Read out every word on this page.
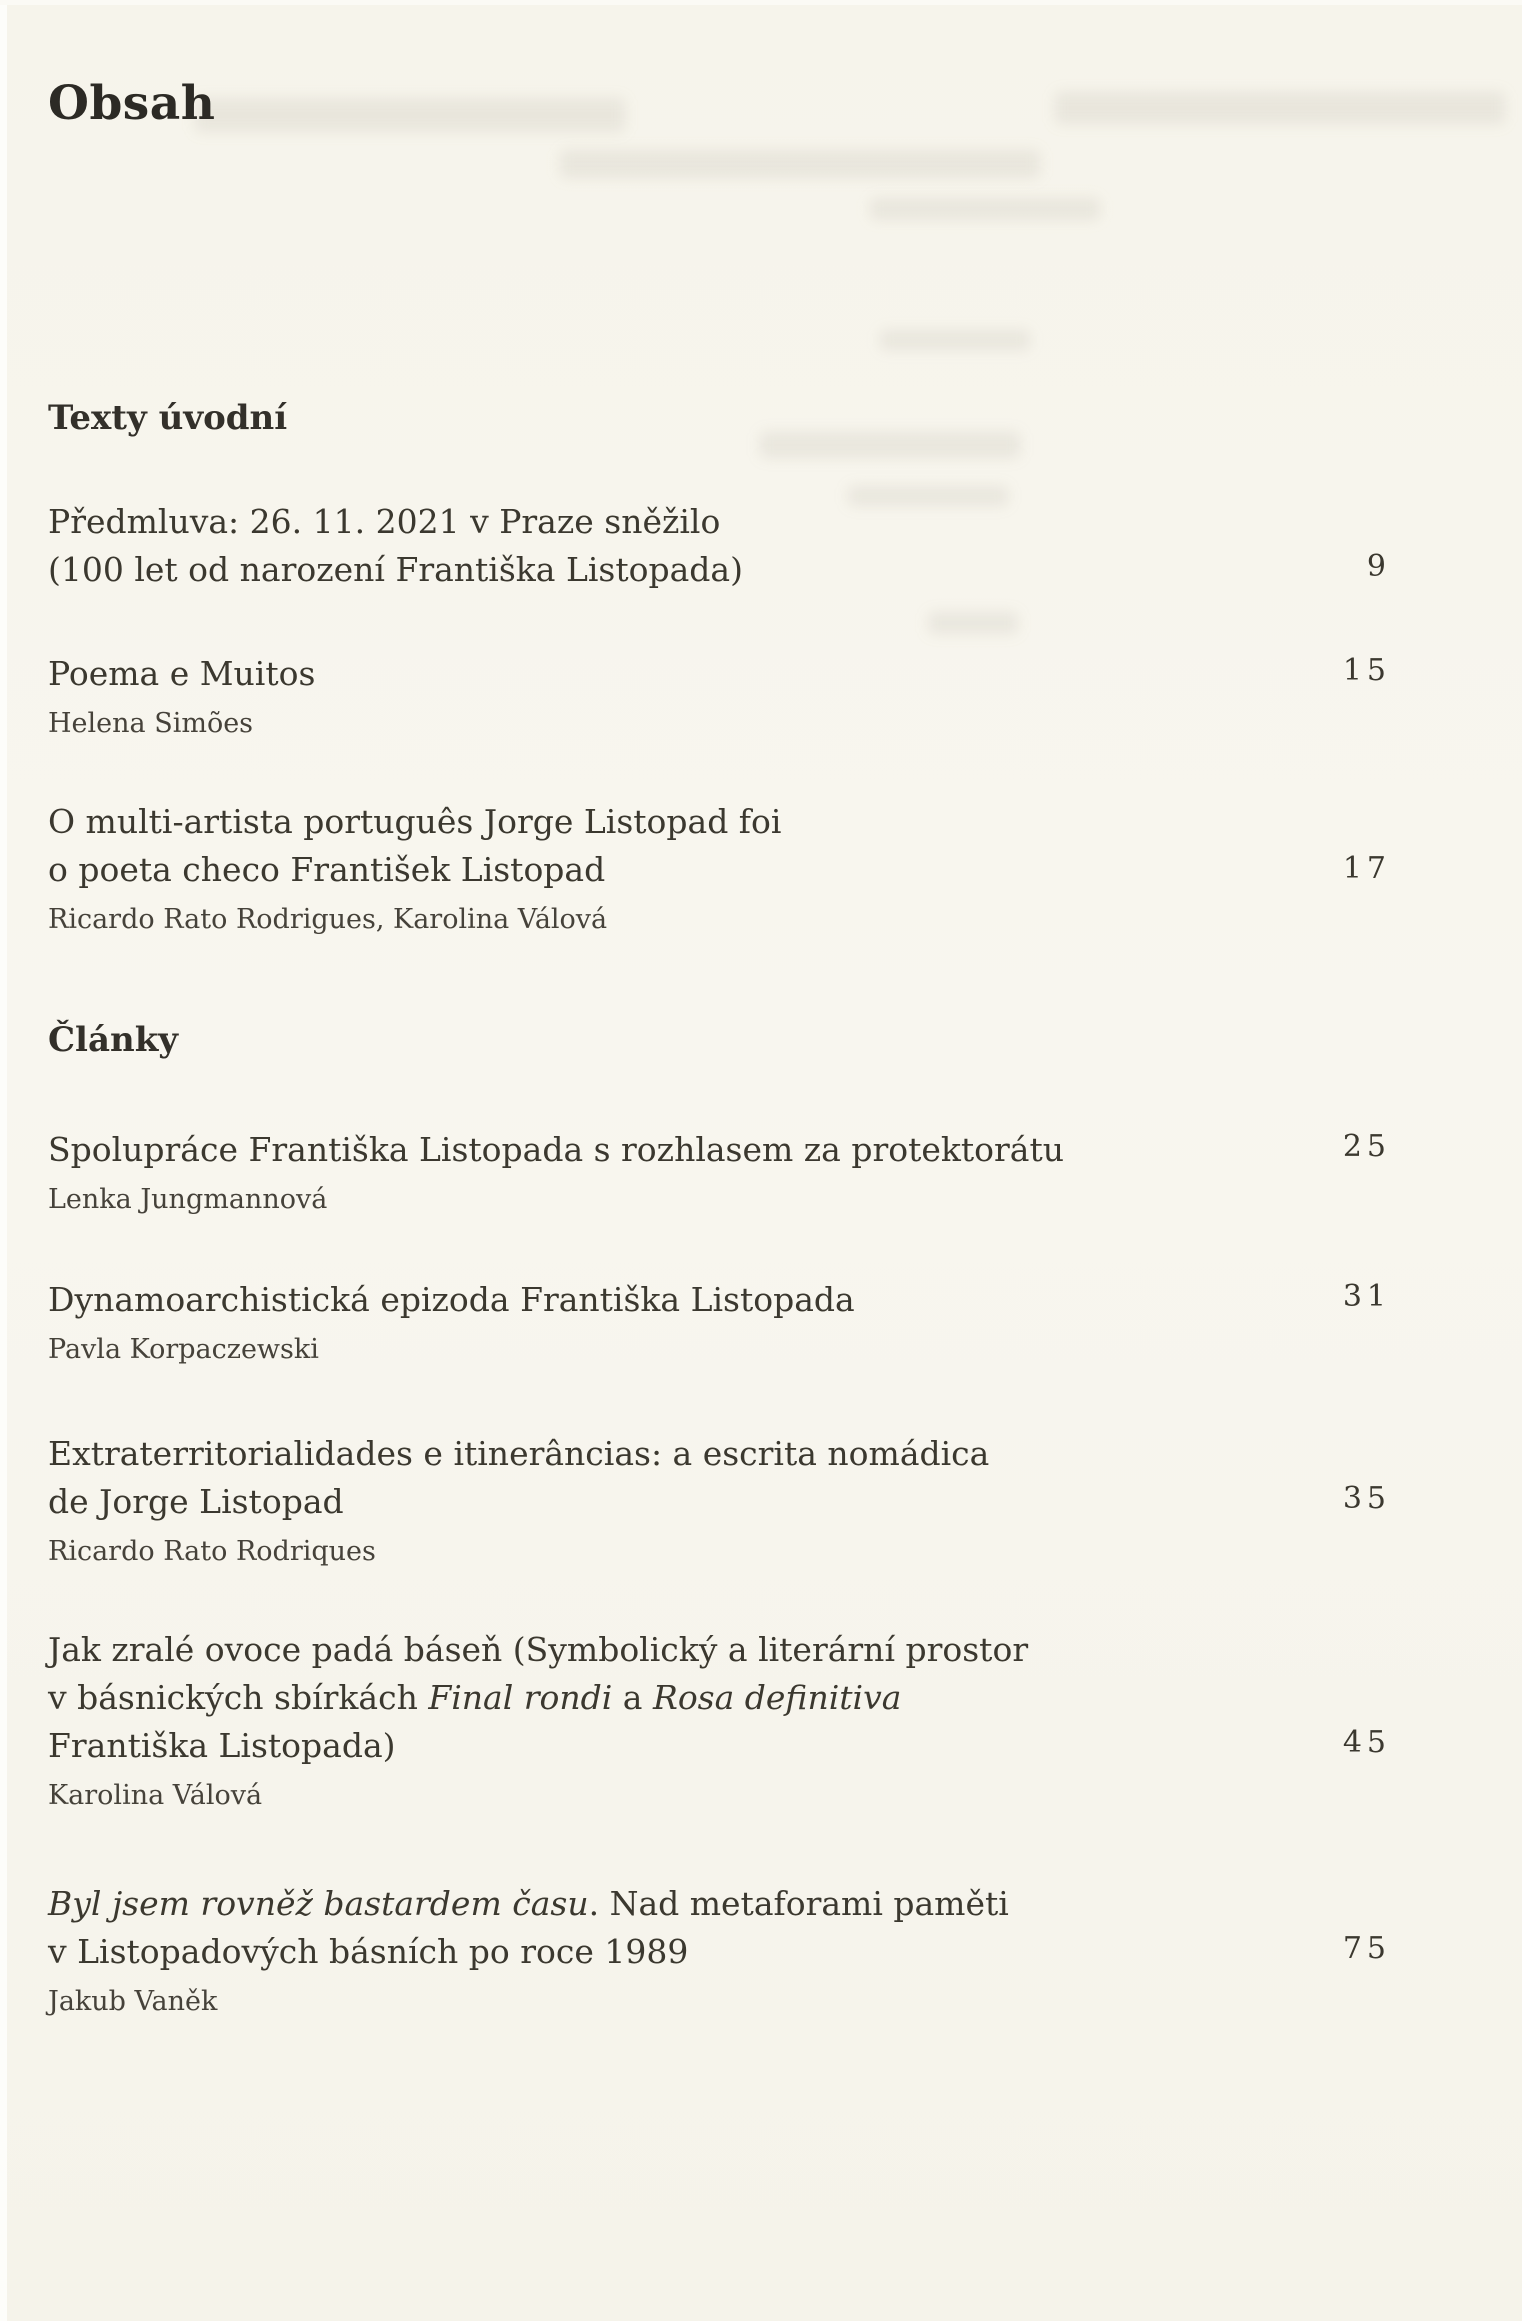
Obsah
Texty úvodní
Předmluva: 26. 11. 2021 v Praze sněžilo
(100 let od narození Františka Listopada)	9
Poema e Muitos
Helena Simões
15
O multi-artista português Jorge Listopad foi
o poeta checo František Listopad
Ricardo Rato Rodrigues, Karolina Válová
17
Články
Spolupráce Františka Listopada s rozhlasem za protektorátu
Lenka Jungmannová
25
Dynamoarchistická epizoda Františka Listopada
Pavla Korpaczewski
31
Extraterritorialidades e itinerâncias: a escrita nomádica
de Jorge Listopad
Ricardo Rato Rodriques
35
Jak zralé ovoce padá báseň (Symbolický a literární prostor
v básnických sbírkách Final rondi a Rosa definitiva
Františka Listopada)
Karolina Válová
45
Byl jsem rovněž bastardem času. Nad metaforami paměti
v Listopadových básních po roce 1989
Jakub Vaněk
75
